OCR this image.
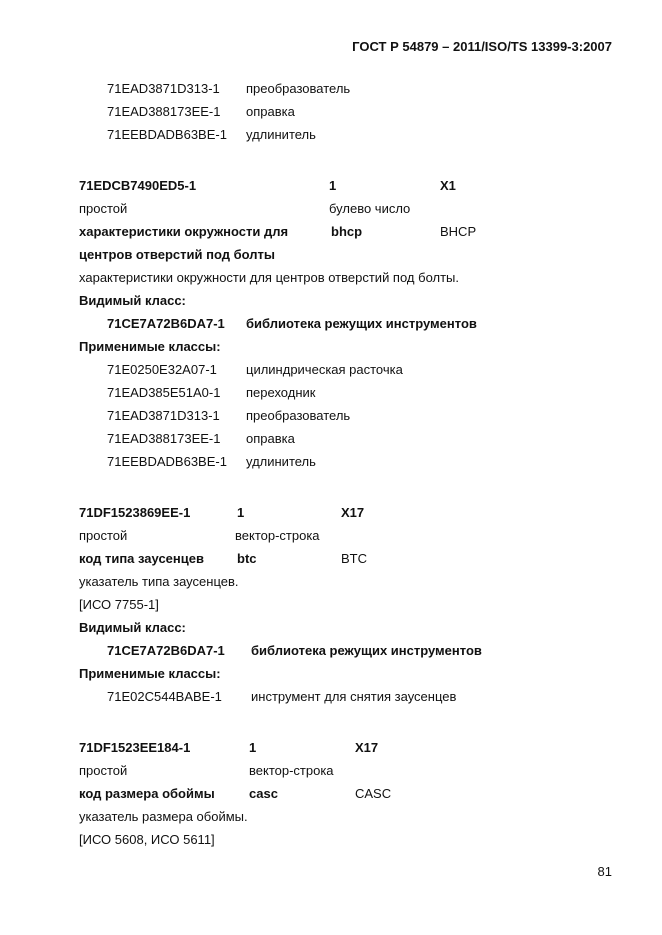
ГОСТ Р 54879 – 2011/ISO/TS 13399-3:2007
71EAD3871D313-1 преобразователь
71EAD388173EE-1 оправка
71EEBDADB63BE-1 удлинитель
71EDCB7490ED5-1	1	X1
простой	булево число
характеристики окружности для	bhcp	BHCP
центров отверстий под болты
характеристики окружности для центров отверстий под болты.
Видимый класс:
71CE7A72B6DA7-1 библиотека режущих инструментов
Применимые классы:
71E0250E32A07-1 цилиндрическая расточка
71EAD385E51A0-1 переходник
71EAD3871D313-1 преобразователь
71EAD388173EE-1 оправка
71EEBDADB63BE-1 удлинитель
71DF1523869EE-1	1	X17
простой	вектор-строка
код типа заусенцев	btc	BTC
указатель типа заусенцев.
[ИСО 7755-1]
Видимый класс:
71CE7A72B6DA7-1 библиотека режущих инструментов
Применимые классы:
71E02C544BABE-1 инструмент для снятия заусенцев
71DF1523EE184-1	1	X17
простой	вектор-строка
код размера обоймы	casc	CASC
указатель размера обоймы.
[ИСО 5608, ИСО 5611]
81
